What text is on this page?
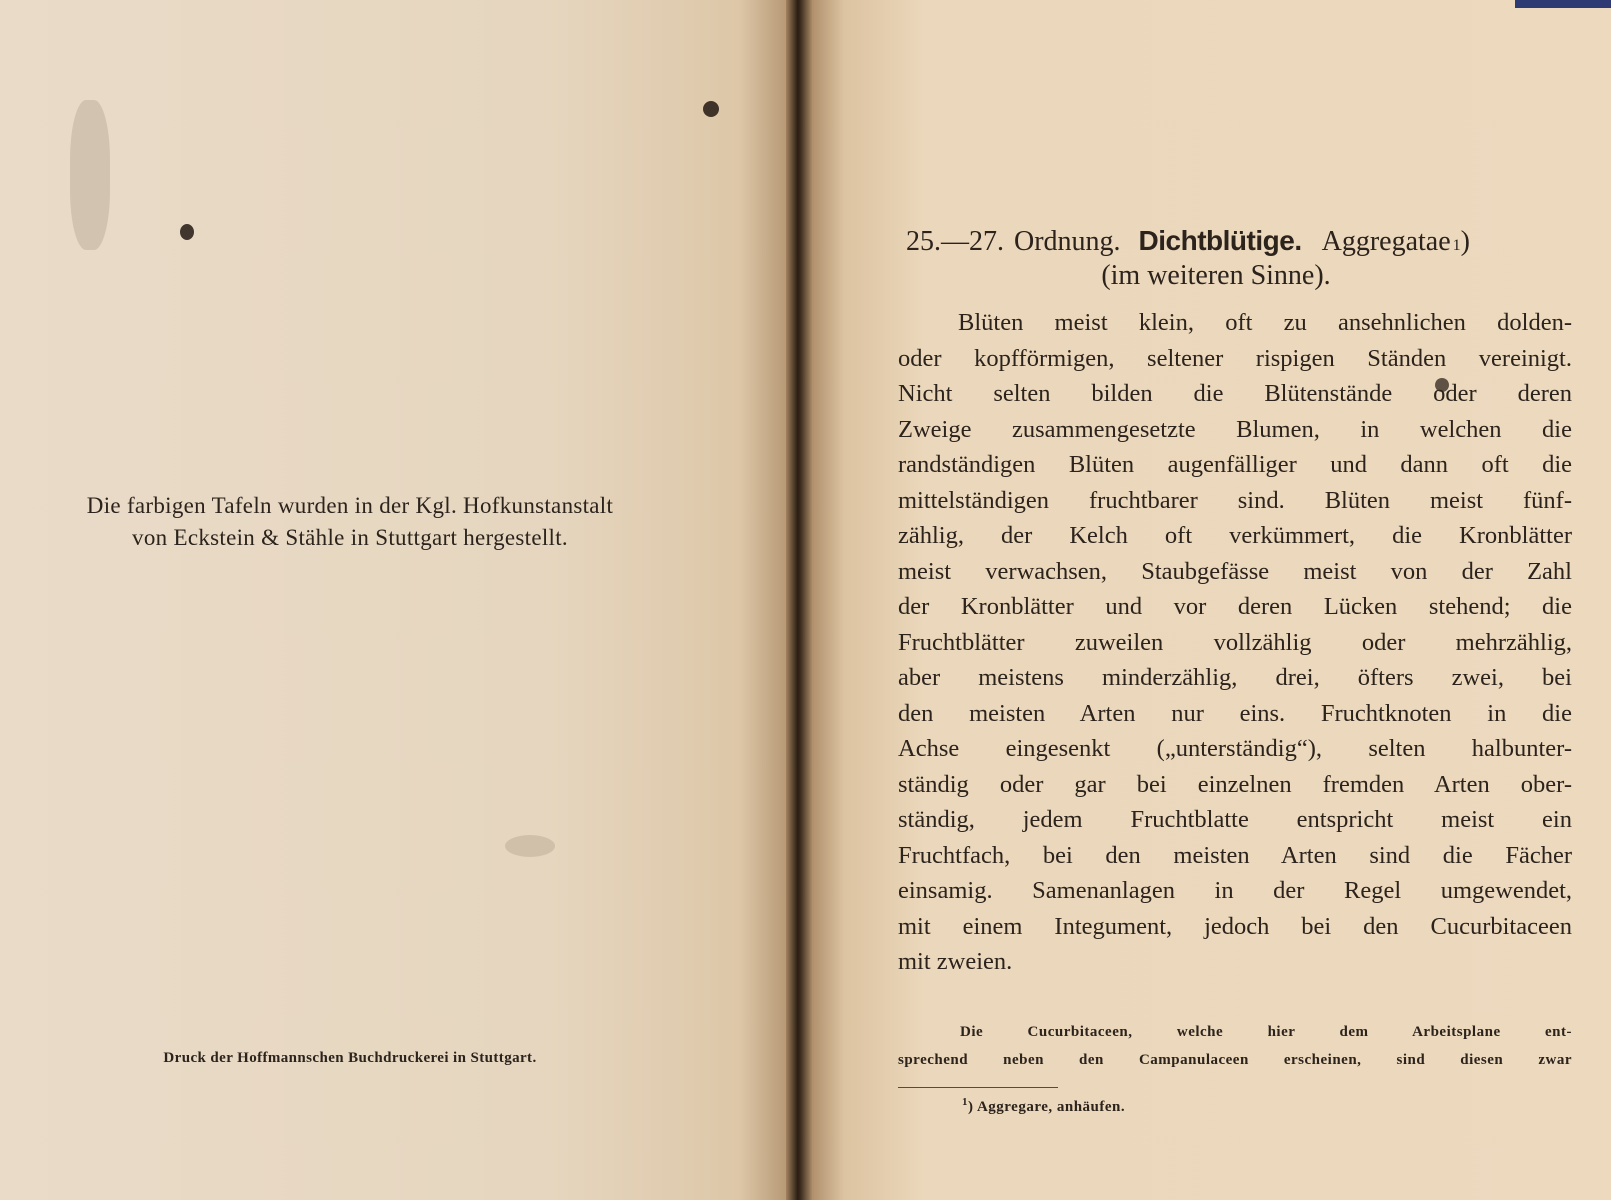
Die farbigen Tafeln wurden in der Kgl. Hofkunstanstalt
von Eckstein & Stähle in Stuttgart hergestellt.
Druck der Hoffmannschen Buchdruckerei in Stuttgart.
25.—27. Ordnung. Dichtblütige. Aggregatae 1 )
(im weiteren Sinne).
Blüten meist klein, oft zu ansehnlichen dolden-
oder kopfförmigen, seltener rispigen Ständen vereinigt.
Nicht selten bilden die Blütenstände oder deren
Zweige zusammengesetzte Blumen, in welchen die
randständigen Blüten augenfälliger und dann oft die
mittelständigen fruchtbarer sind. Blüten meist fünf-
zählig, der Kelch oft verkümmert, die Kronblätter
meist verwachsen, Staubgefässe meist von der Zahl
der Kronblätter und vor deren Lücken stehend; die
Fruchtblätter zuweilen vollzählig oder mehrzählig,
aber meistens minderzählig, drei, öfters zwei, bei
den meisten Arten nur eins. Fruchtknoten in die
Achse eingesenkt („unterständig“), selten halbunter-
ständig oder gar bei einzelnen fremden Arten ober-
ständig, jedem Fruchtblatte entspricht meist ein
Fruchtfach, bei den meisten Arten sind die Fächer
einsamig. Samenanlagen in der Regel umgewendet,
mit einem Integument, jedoch bei den Cucurbitaceen
mit zweien.
Die Cucurbitaceen, welche hier dem Arbeitsplane ent-
sprechend neben den Campanulaceen erscheinen, sind diesen zwar
$^1$) Aggregare, anhäufen.
